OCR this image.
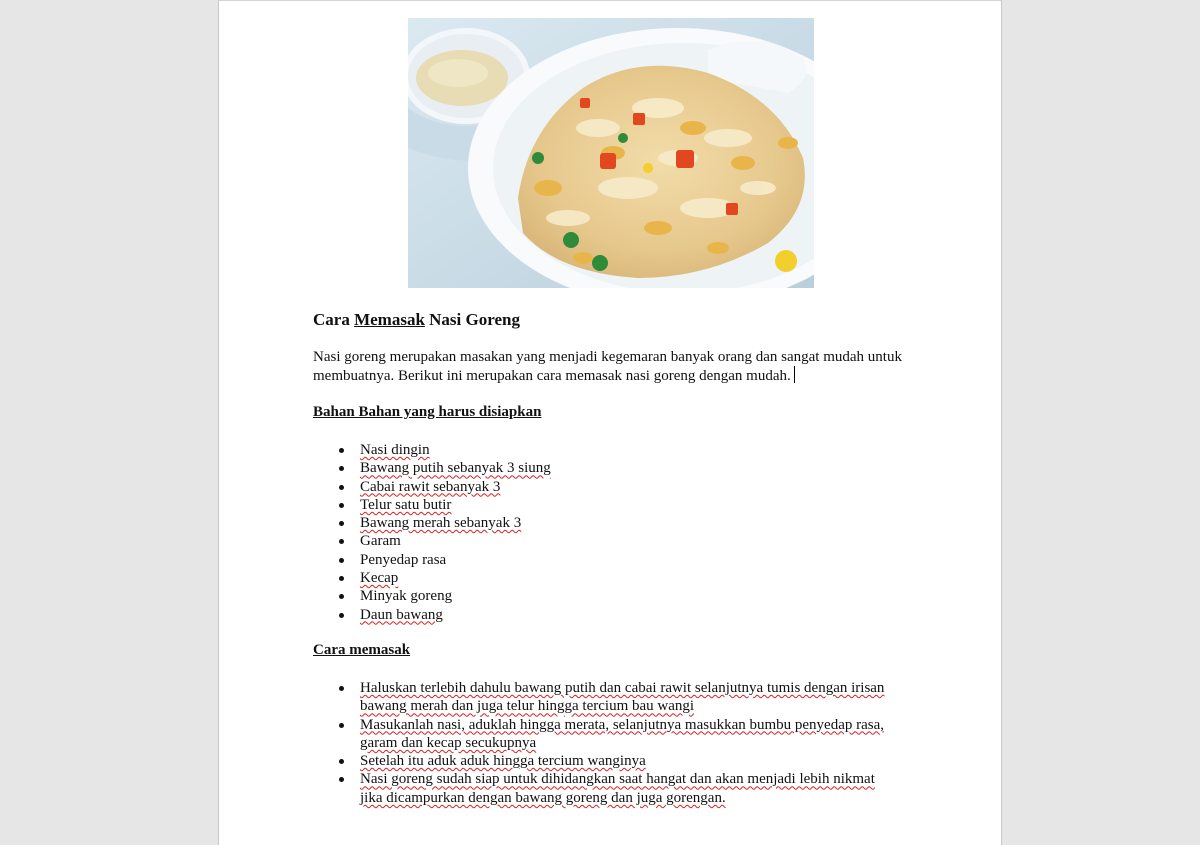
Cara Memasak Nasi Goreng

Nasi goreng merupakan masakan yang menjadi kegemaran banyak orang dan sangat mudah untuk membuatnya. Berikut ini merupakan cara memasak nasi goreng dengan mudah.

Bahan Bahan yang harus disiapkan
Nasi dingin
Bawang putih sebanyak 3 siung
Cabai rawit sebanyak 3
Telur satu butir
Bawang merah sebanyak 3
Garam
Penyedap rasa
Kecap
Minyak goreng
Daun bawang
Cara memasak
Haluskan terlebih dahulu bawang putih dan cabai rawit selanjutnya tumis dengan irisan bawang merah dan juga telur hingga tercium bau wangi
Masukanlah nasi, aduklah hingga merata, selanjutnya masukkan bumbu penyedap rasa, garam dan kecap secukupnya
Setelah itu aduk aduk hingga tercium wanginya
Nasi goreng sudah siap untuk dihidangkan saat hangat dan akan menjadi lebih nikmat jika dicampurkan dengan bawang goreng dan juga gorengan.
